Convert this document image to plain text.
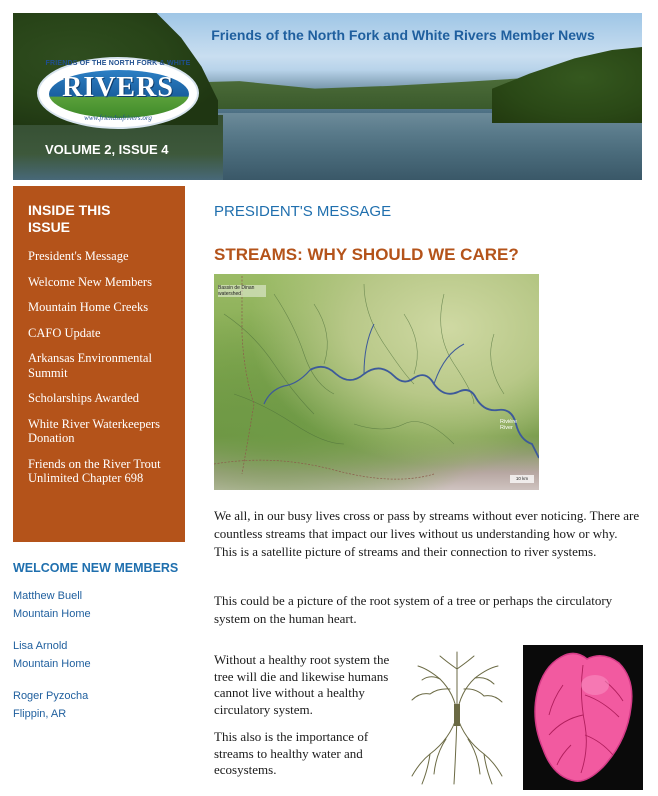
Friends of the North Fork and White Rivers Member News
FRIENDS OF THE NORTH FORK & WHITE
RIVERS
www.friendsofrivers.org
VOLUME 2, ISSUE 4
INSIDE THIS ISSUE
President's Message
Welcome New Members
Mountain Home Creeks
CAFO Update
Arkansas Environmental Summit
Scholarships Awarded
White River Waterkeepers Donation
Friends on the River Trout Unlimited Chapter 698
WELCOME NEW MEMBERS
Matthew Buell
Mountain Home
Lisa Arnold
Mountain Home
Roger Pyzocha
Flippin, AR
PRESIDENT'S MESSAGE
STREAMS: WHY SHOULD WE CARE?
Bassin de Dinan watershed
Rivière River
10 km
We all, in our busy lives cross or pass by streams without ever noticing. There are countless streams that impact our lives without us understanding how or why. This is a satellite picture of streams and their connection to river systems.
This could be a picture of the root system of a tree or perhaps the circulatory system on the human heart.
Without a healthy root system the tree will die and likewise humans cannot live without a healthy circulatory system.
This also is the importance of streams to healthy water and ecosystems.
